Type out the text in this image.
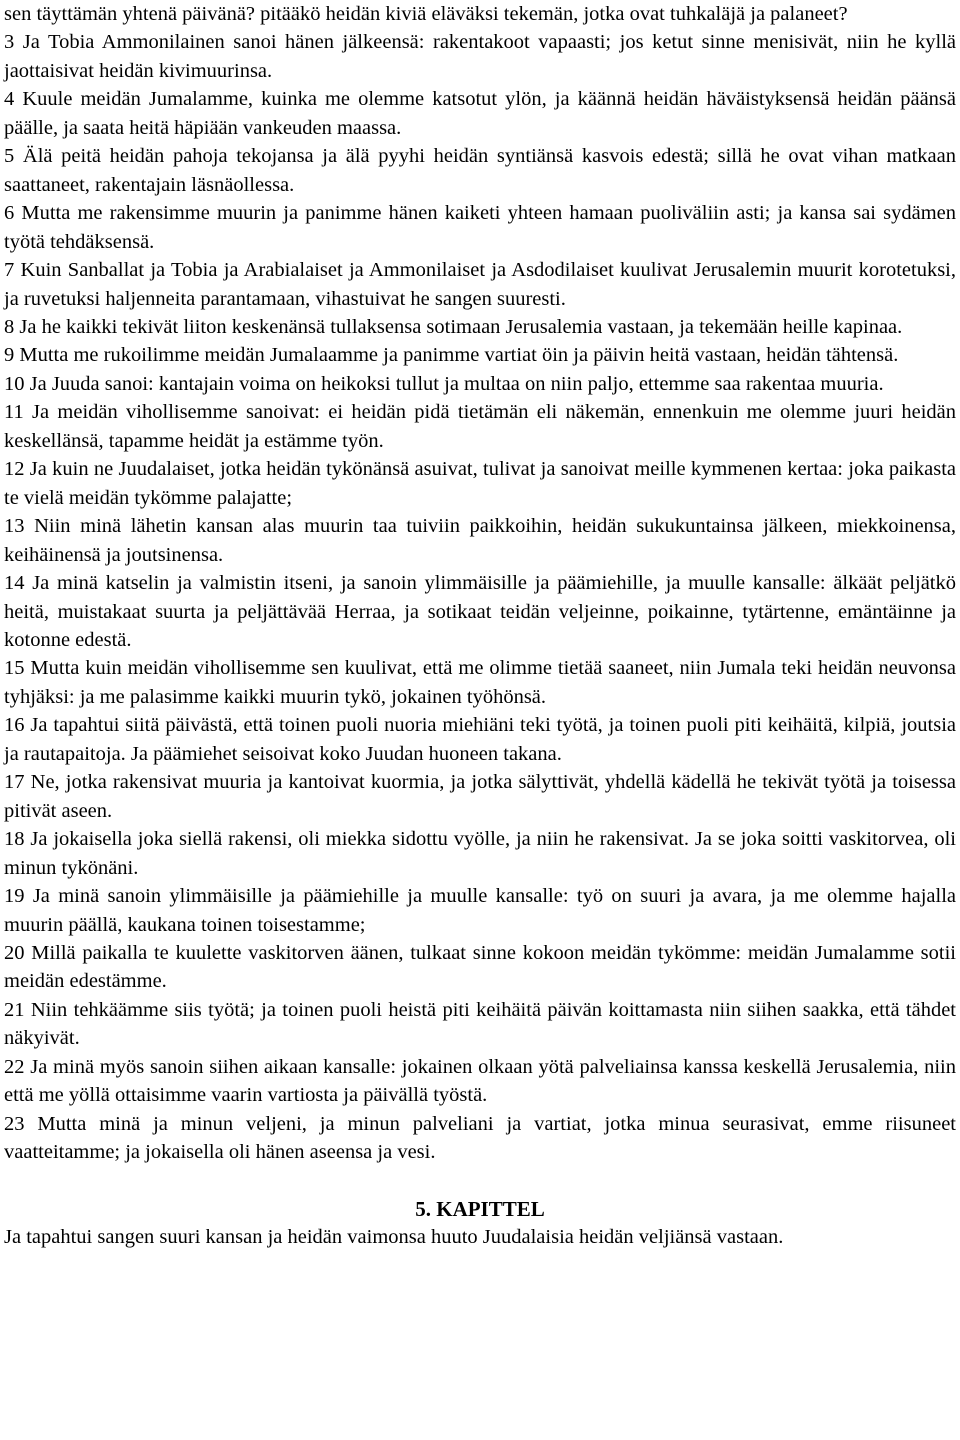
sen täyttämän yhtenä päivänä? pitääkö heidän kiviä eläväksi tekemän, jotka ovat tuhkaläjä ja palaneet?

3 Ja Tobia Ammonilainen sanoi hänen jälkeensä: rakentakoot vapaasti; jos ketut sinne menisivät, niin he kyllä jaottaisivat heidän kivimuurinsa.

4 Kuule meidän Jumalamme, kuinka me olemme katsotut ylön, ja käännä heidän häväistyksensä heidän päänsä päälle, ja saata heitä häpiään vankeuden maassa.

5 Älä peitä heidän pahoja tekojansa ja älä pyyhi heidän syntiänsä kasvois edestä; sillä he ovat vihan matkaan saattaneet, rakentajain läsnäollessa.

6 Mutta me rakensimme muurin ja panimme hänen kaiketi yhteen hamaan puoliväliin asti; ja kansa sai sydämen työtä tehdäksensä.

7 Kuin Sanballat ja Tobia ja Arabialaiset ja Ammonilaiset ja Asdodilaiset kuulivat Jerusalemin muurit korotetuksi, ja ruvetuksi haljenneita parantamaan, vihastuivat he sangen suuresti.

8 Ja he kaikki tekivät liiton keskenänsä tullaksensa sotimaan Jerusalemia vastaan, ja tekemään heille kapinaa.

9 Mutta me rukoilimme meidän Jumalaamme ja panimme vartiat öin ja päivin heitä vastaan, heidän tähtensä.

10 Ja Juuda sanoi: kantajain voima on heikoksi tullut ja multaa on niin paljo, ettemme saa rakentaa muuria.

11 Ja meidän vihollisemme sanoivat: ei heidän pidä tietämän eli näkemän, ennenkuin me olemme juuri heidän keskellänsä, tapamme heidät ja estämme työn.

12 Ja kuin ne Juudalaiset, jotka heidän tykönänsä asuivat, tulivat ja sanoivat meille kymmenen kertaa: joka paikasta te vielä meidän tykömme palajatte;

13 Niin minä lähetin kansan alas muurin taa tuiviin paikkoihin, heidän sukukuntainsa jälkeen, miekkoinensa, keihäinensä ja joutsinensa.

14 Ja minä katselin ja valmistin itseni, ja sanoin ylimmäisille ja päämiehille, ja muulle kansalle: älkäät peljätkö heitä, muistakaat suurta ja peljättävää Herraa, ja sotikaat teidän veljeinne, poikainne, tytärtenne, emäntäinne ja kotonne edestä.

15 Mutta kuin meidän vihollisemme sen kuulivat, että me olimme tietää saaneet, niin Jumala teki heidän neuvonsa tyhjäksi: ja me palasimme kaikki muurin tykö, jokainen työhönsä.

16 Ja tapahtui siitä päivästä, että toinen puoli nuoria miehiäni teki työtä, ja toinen puoli piti keihäitä, kilpiä, joutsia ja rautapaitoja. Ja päämiehet seisoivat koko Juudan huoneen takana.

17 Ne, jotka rakensivat muuria ja kantoivat kuormia, ja jotka sälyttivät, yhdellä kädellä he tekivät työtä ja toisessa pitivät aseen.

18 Ja jokaisella joka siellä rakensi, oli miekka sidottu vyölle, ja niin he rakensivat. Ja se joka soitti vaskitorvea, oli minun tykönäni.

19 Ja minä sanoin ylimmäisille ja päämiehille ja muulle kansalle: työ on suuri ja avara, ja me olemme hajalla muurin päällä, kaukana toinen toisestamme;

20 Millä paikalla te kuulette vaskitorven äänen, tulkaat sinne kokoon meidän tykömme: meidän Jumalamme sotii meidän edestämme.

21 Niin tehkäämme siis työtä; ja toinen puoli heistä piti keihäitä päivän koittamasta niin siihen saakka, että tähdet näkyivät.

22 Ja minä myös sanoin siihen aikaan kansalle: jokainen olkaan yötä palveliainsa kanssa keskellä Jerusalemia, niin että me yöllä ottaisimme vaarin vartiosta ja päivällä työstä.

23 Mutta minä ja minun veljeni, ja minun palveliani ja vartiat, jotka minua seurasivat, emme riisuneet vaatteitamme; ja jokaisella oli hänen aseensa ja vesi.

5. KAPITTEL

Ja tapahtui sangen suuri kansan ja heidän vaimonsa huuto Juudalaisia heidän veljiänsä vastaan.
